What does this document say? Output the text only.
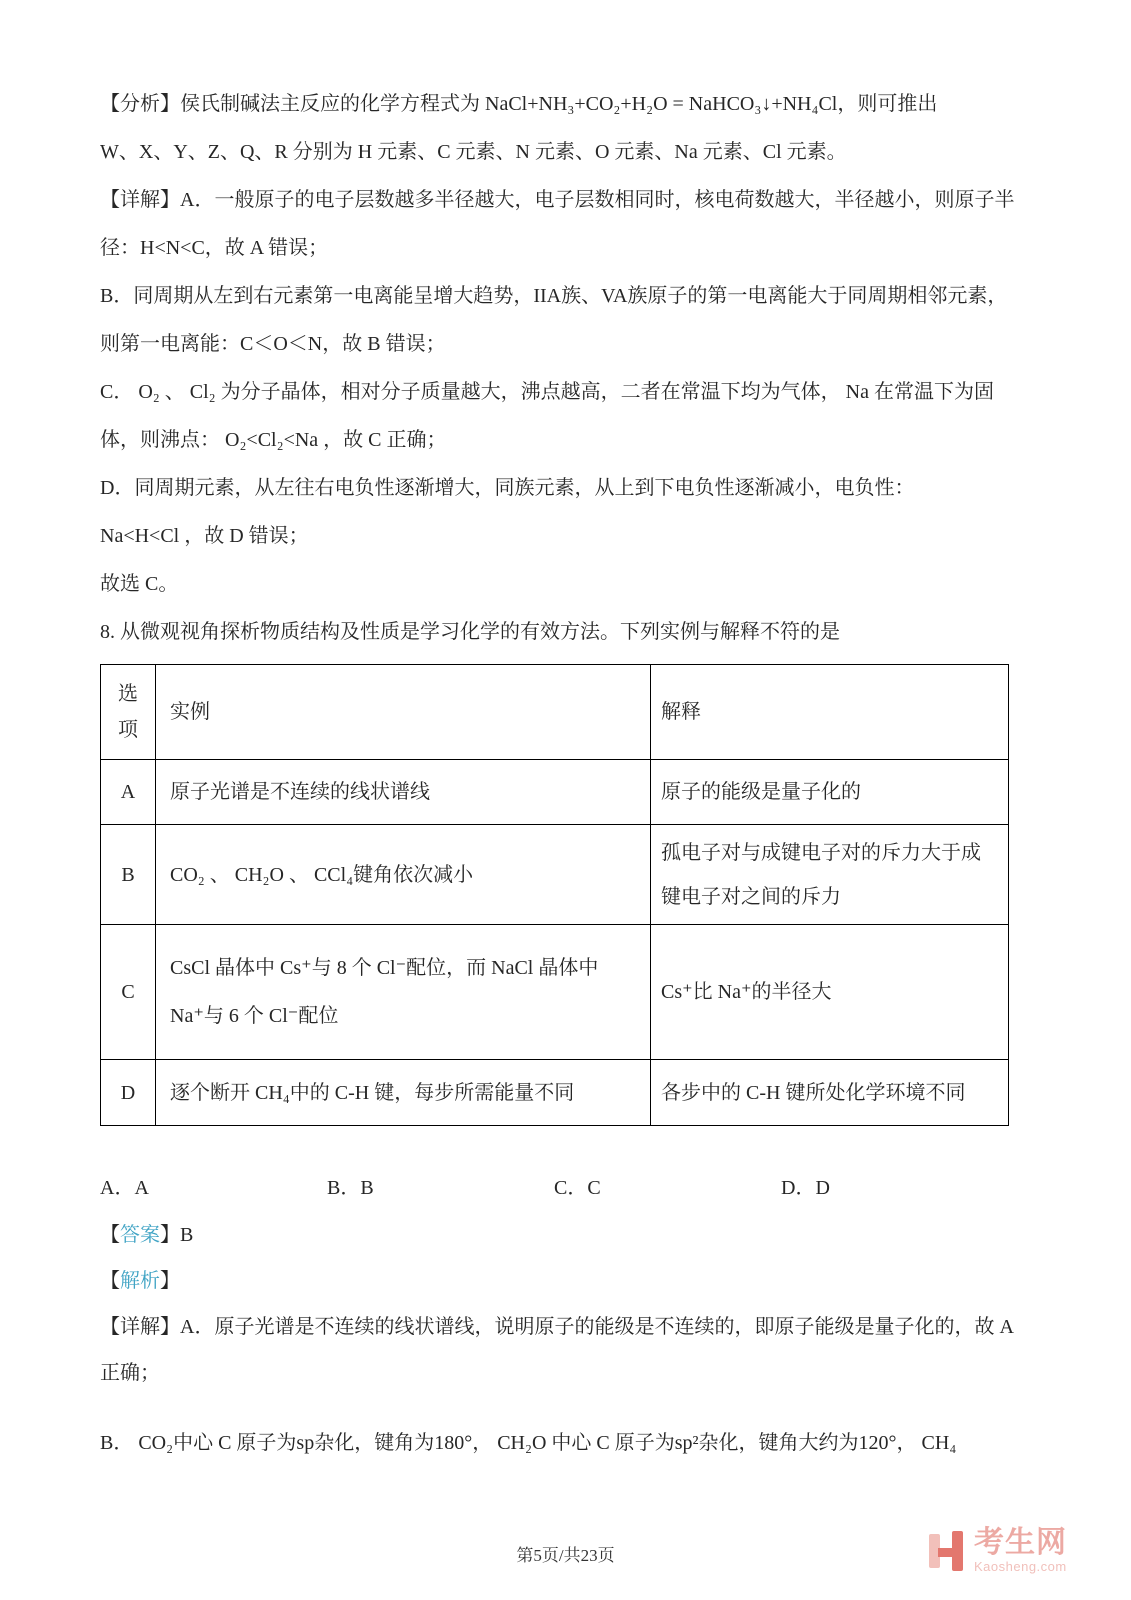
【分析】侯氏制碱法主反应的化学方程式为 NaCl+NH₃+CO₂+H₂O = NaHCO₃↓+NH₄Cl，则可推出
W、X、Y、Z、Q、R 分别为 H 元素、C 元素、N 元素、O 元素、Na 元素、Cl 元素。
【详解】A．一般原子的电子层数越多半径越大，电子层数相同时，核电荷数越大，半径越小，则原子半
径：H<N<C，故 A 错误；
B．同周期从左到右元素第一电离能呈增大趋势，IIA族、VA族原子的第一电离能大于同周期相邻元素，
则第一电离能：C＜O＜N，故 B 错误；
C． O₂ 、 Cl₂ 为分子晶体，相对分子质量越大，沸点越高，二者在常温下均为气体， Na 在常温下为固
体，则沸点： O₂<Cl₂<Na ，故 C 正确；
D．同周期元素，从左往右电负性逐渐增大，同族元素，从上到下电负性逐渐减小，电负性：
Na<H<Cl ，故 D 错误；
故选 C。
8. 从微观视角探析物质结构及性质是学习化学的有效方法。下列实例与解释不符的是
选项	实例	解释
A	原子光谱是不连续的线状谱线	原子的能级是量子化的
B	CO₂ 、 CH₂O 、 CCl₄键角依次减小	孤电子对与成键电子对的斥力大于成键电子对之间的斥力
C	CsCl 晶体中 Cs⁺与 8 个 Cl⁻配位，而 NaCl 晶体中 Na⁺与 6 个 Cl⁻配位	Cs⁺比 Na⁺的半径大
D	逐个断开 CH₄中的 C-H 键，每步所需能量不同	各步中的 C-H 键所处化学环境不同
A．A	B．B	C．C	D．D
【答案】B
【解析】
【详解】A．原子光谱是不连续的线状谱线，说明原子的能级是不连续的，即原子能级是量子化的，故 A
正确；
B． CO₂中心 C 原子为sp杂化，键角为180°， CH₂O 中心 C 原子为sp²杂化，键角大约为120°， CH₄
第5页/共23页	考生网
Kaosheng.com
